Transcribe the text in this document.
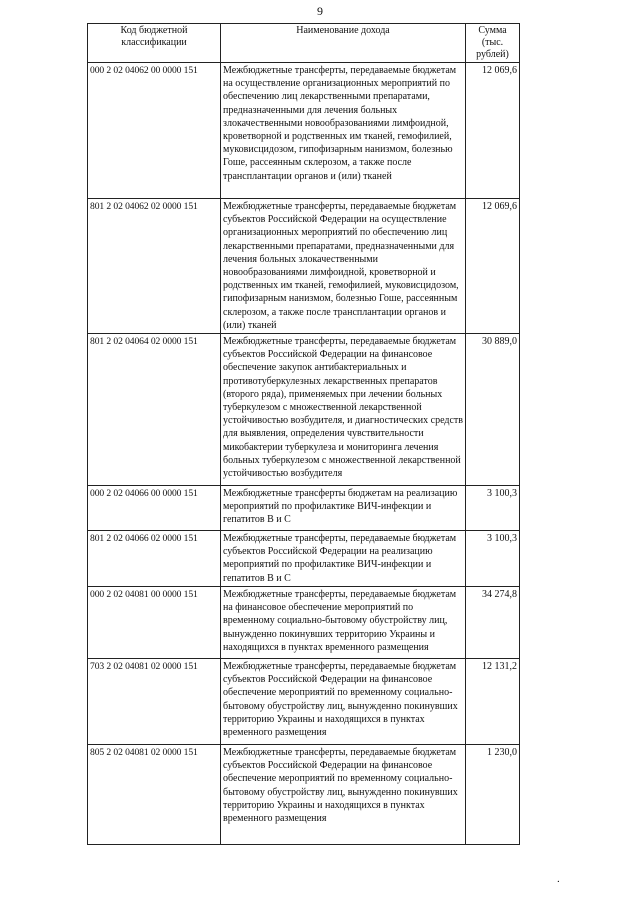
9
Код бюджетной классификации	Наименование дохода	Сумма (тыс. рублей)
000 2 02 04062 00 0000 151	Межбюджетные трансферты, передаваемые бюджетам на осуществление организационных мероприятий по обеспечению лиц лекарственными препаратами, предназначенными для лечения больных злокачественными новообразованиями лимфоидной, кроветворной и родственных им тканей, гемофилией, муковисцидозом, гипофизарным нанизмом, болезнью Гоше, рассеянным склерозом, а также после трансплантации органов и (или) тканей	12 069,6
801 2 02 04062 02 0000 151	Межбюджетные трансферты, передаваемые бюджетам субъектов Российской Федерации на осуществление организационных мероприятий по обеспечению лиц лекарственными препаратами, предназначенными для лечения больных злокачественными новообразованиями лимфоидной, кроветворной и родственных им тканей, гемофилией, муковисцидозом, гипофизарным нанизмом, болезнью Гоше, рассеянным склерозом, а также после трансплантации органов и (или) тканей	12 069,6
801 2 02 04064 02 0000 151	Межбюджетные трансферты, передаваемые бюджетам субъектов Российской Федерации на финансовое обеспечение закупок антибактериальных и противотуберкулезных лекарственных препаратов (второго ряда), применяемых при лечении больных туберкулезом с множественной лекарственной устойчивостью возбудителя, и диагностических средств для выявления, определения чувствительности микобактерии туберкулеза и мониторинга лечения больных туберкулезом с множественной лекарственной устойчивостью возбудителя	30 889,0
000 2 02 04066 00 0000 151	Межбюджетные трансферты бюджетам на реализацию мероприятий по профилактике ВИЧ-инфекции и гепатитов В и С	3 100,3
801 2 02 04066 02 0000 151	Межбюджетные трансферты, передаваемые бюджетам субъектов Российской Федерации на реализацию мероприятий по профилактике ВИЧ-инфекции и гепатитов В и С	3 100,3
000 2 02 04081 00 0000 151	Межбюджетные трансферты, передаваемые бюджетам на финансовое обеспечение мероприятий по временному социально-бытовому обустройству лиц, вынужденно покинувших территорию Украины и находящихся в пунктах временного размещения	34 274,8
703 2 02 04081 02 0000 151	Межбюджетные трансферты, передаваемые бюджетам субъектов Российской Федерации на финансовое обеспечение мероприятий по временному социально-бытовому обустройству лиц, вынужденно покинувших территорию Украины и находящихся в пунктах временного размещения	12 131,2
805 2 02 04081 02 0000 151	Межбюджетные трансферты, передаваемые бюджетам субъектов Российской Федерации на финансовое обеспечение мероприятий по временному социально-бытовому обустройству лиц, вынужденно покинувших территорию Украины и находящихся в пунктах временного размещения	1 230,0
.
